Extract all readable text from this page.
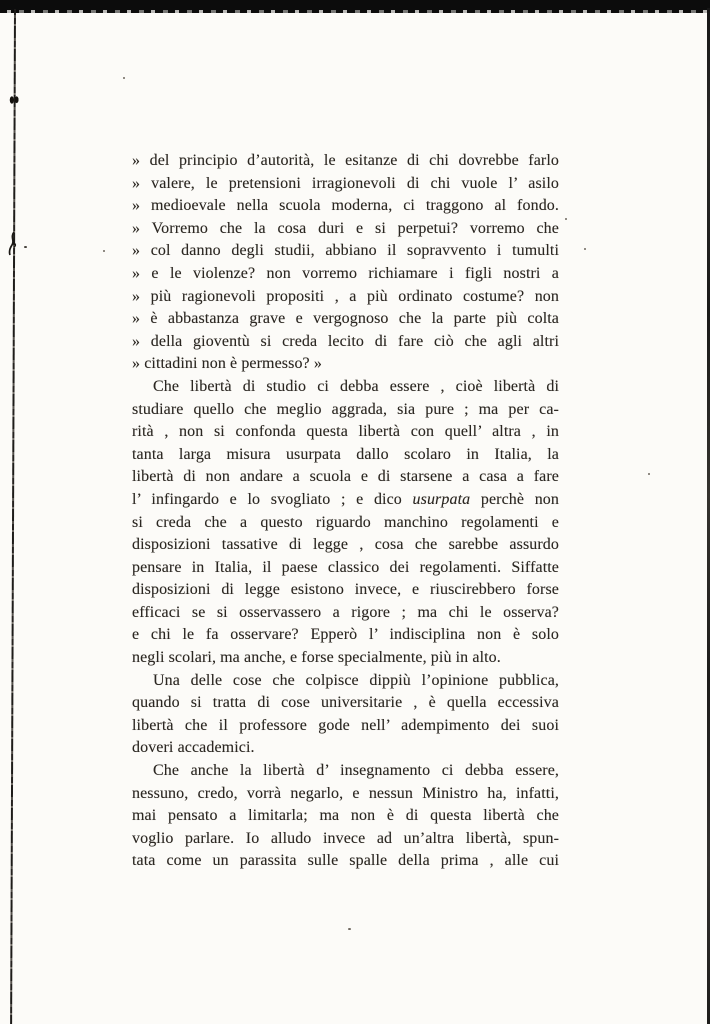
» del principio d’autorità, le esitanze di chi dovrebbe farlo
» valere, le pretensioni irragionevoli di chi vuole l’ asilo
» medioevale nella scuola moderna, ci traggono al fondo.
» Vorremo che la cosa duri e si perpetui? vorremo che
» col danno degli studii, abbiano il sopravvento i tumulti
» e le violenze? non vorremo richiamare i figli nostri a
» più ragionevoli propositi , a più ordinato costume? non
» è abbastanza grave e vergognoso che la parte più colta
» della gioventù si creda lecito di fare ciò che agli altri
» cittadini non è permesso? »
Che libertà di studio ci debba essere , cioè libertà di
studiare quello che meglio aggrada, sia pure ; ma per ca-
rità , non si confonda questa libertà con quell’ altra , in
tanta larga misura usurpata dallo scolaro in Italia, la
libertà di non andare a scuola e di starsene a casa a fare
l’ infingardo e lo svogliato ; e dico usurpata perchè non
si creda che a questo riguardo manchino regolamenti e
disposizioni tassative di legge , cosa che sarebbe assurdo
pensare in Italia, il paese classico dei regolamenti. Siffatte
disposizioni di legge esistono invece, e riuscirebbero forse
efficaci se si osservassero a rigore ; ma chi le osserva?
e chi le fa osservare? Epperò l’ indisciplina non è solo
negli scolari, ma anche, e forse specialmente, più in alto.
Una delle cose che colpisce dippiù l’opinione pubblica,
quando si tratta di cose universitarie , è quella eccessiva
libertà che il professore gode nell’ adempimento dei suoi
doveri accademici.
Che anche la libertà d’ insegnamento ci debba essere,
nessuno, credo, vorrà negarlo, e nessun Ministro ha, infatti,
mai pensato a limitarla; ma non è di questa libertà che
voglio parlare. Io alludo invece ad un’altra libertà, spun-
tata come un parassita sulle spalle della prima , alle cui
